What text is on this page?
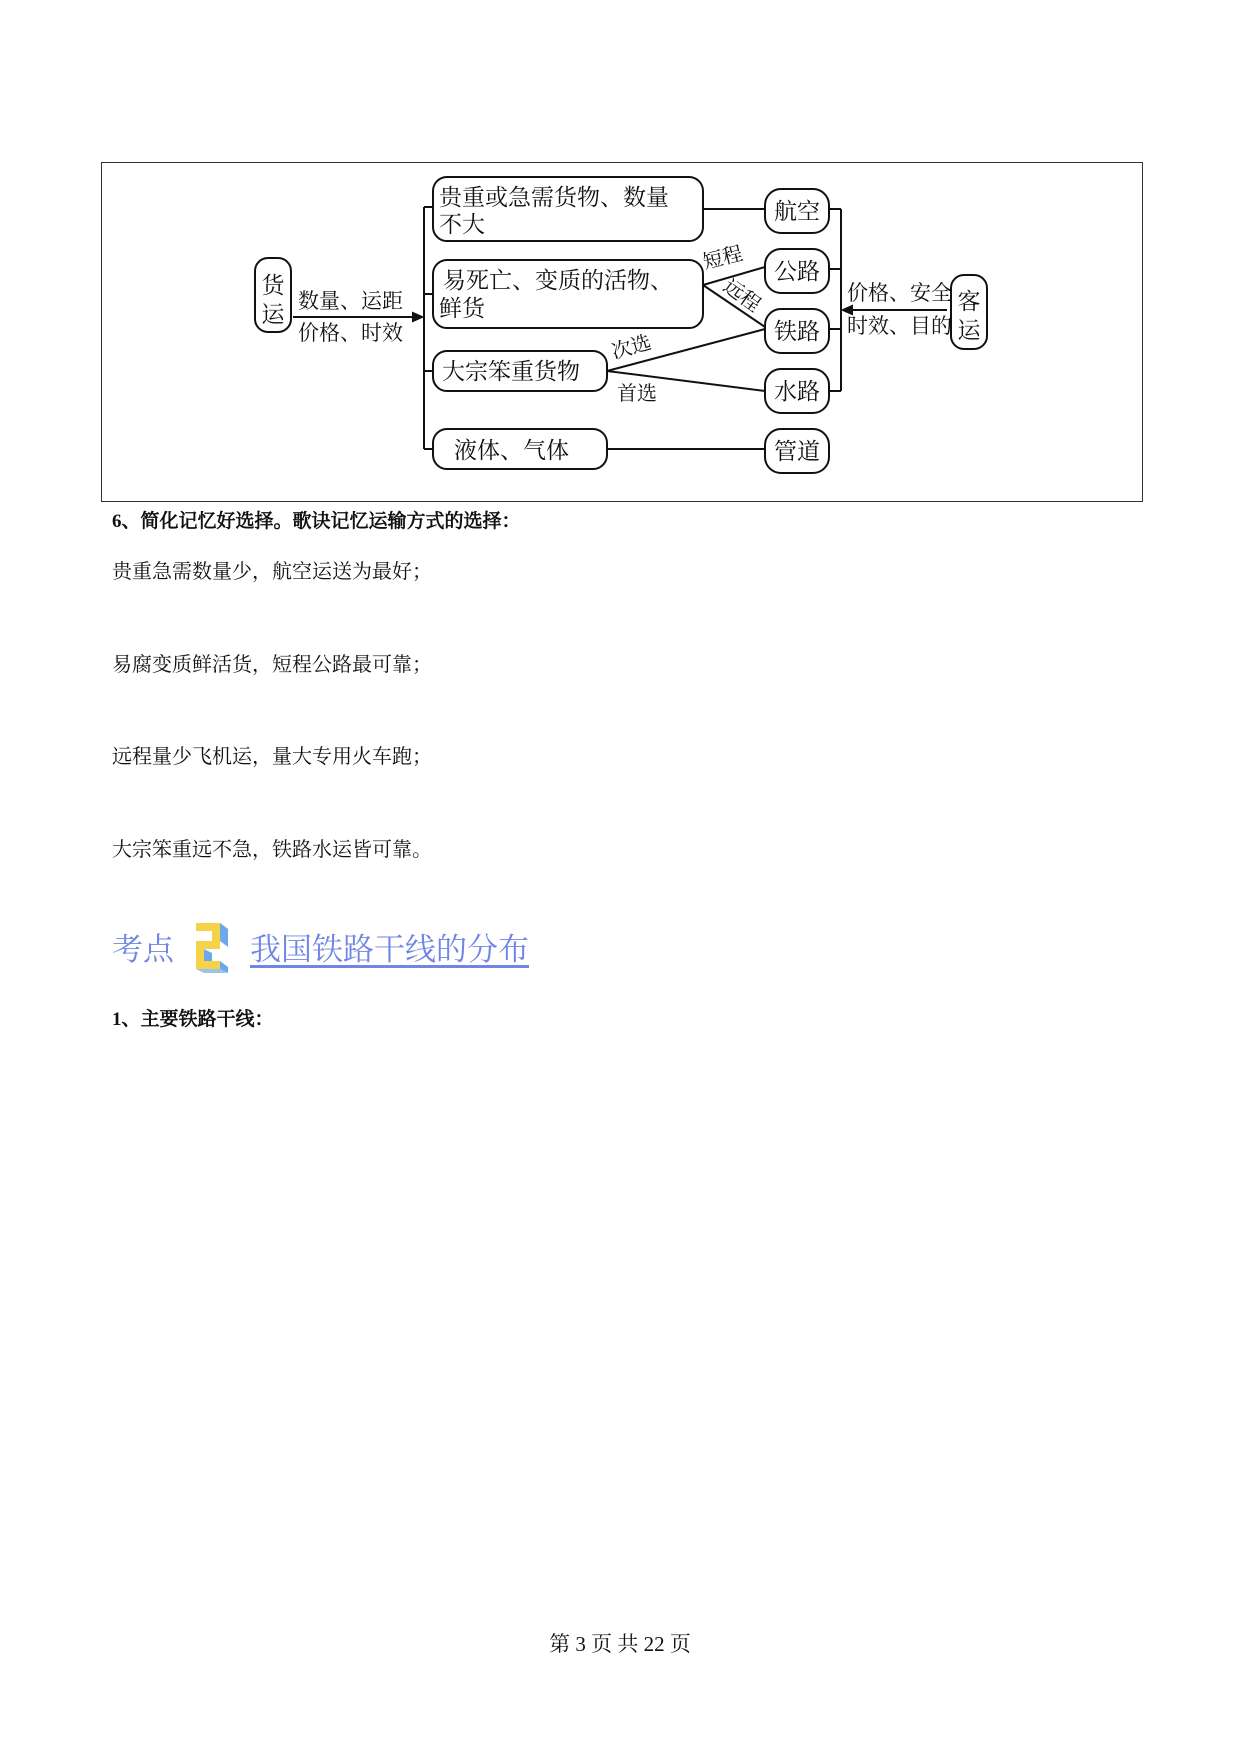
货
运
数量、运距
价格、时效
贵重或急需货物、数量
不大
易死亡、变质的活物、
鲜货
大宗笨重货物
液体、气体
航空
公路
铁路
水路
管道
短程
远程
次选
首选
价格、安全
时效、目的
客
运
6、简化记忆好选择。歌诀记忆运输方式的选择：
贵重急需数量少，航空运送为最好；
易腐变质鲜活货，短程公路最可靠；
远程量少飞机运，量大专用火车跑；
大宗笨重远不急，铁路水运皆可靠。
考点 我国铁路干线的分布
1、主要铁路干线：
第 3 页 共 22 页
